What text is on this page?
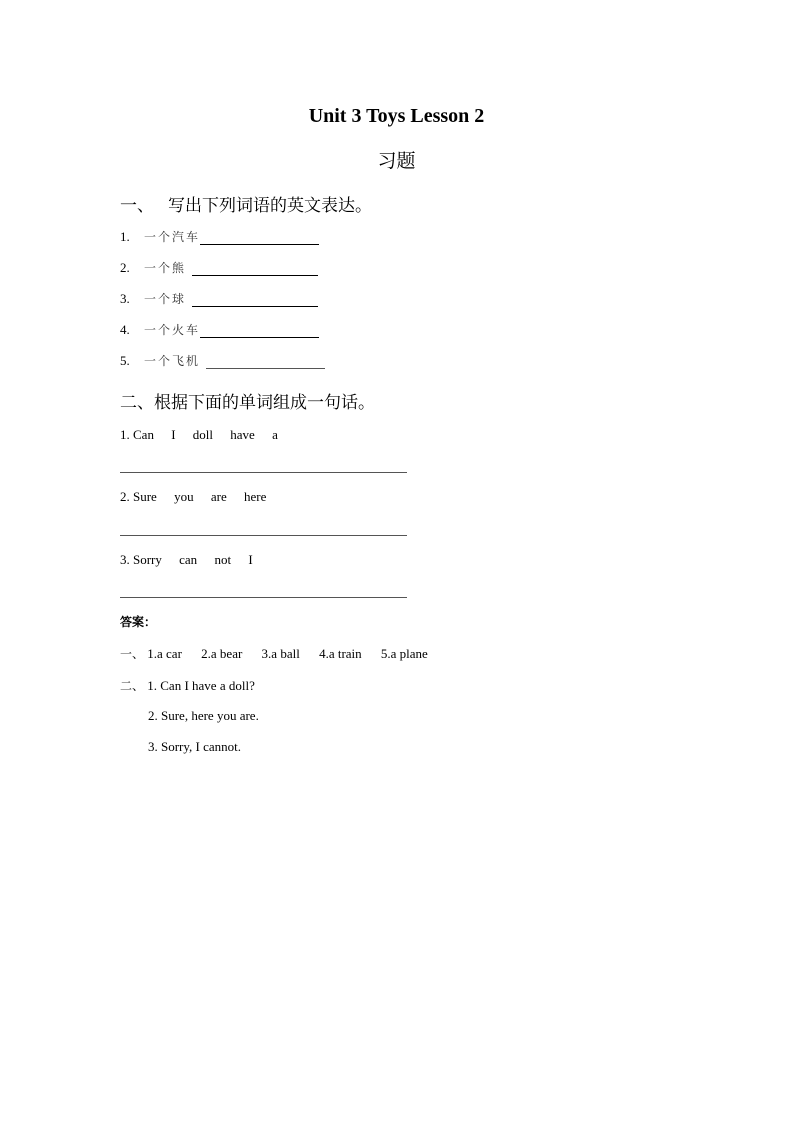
Unit 3 Toys Lesson 2
习题
一、 写出下列词语的英文表达。
1.	一个汽车
2.	一个熊
3.	一个球
4.	一个火车
5.	一个飞机
二、根据下面的单词组成一句话。
1. Can I doll have a
2. Sure you are here
3. Sorry can not I
答案：
一、 1.a car 2.a bear 3.a ball 4.a train 5.a plane
二、 1. Can I have a doll?
2. Sure, here you are.
3. Sorry, I cannot.
